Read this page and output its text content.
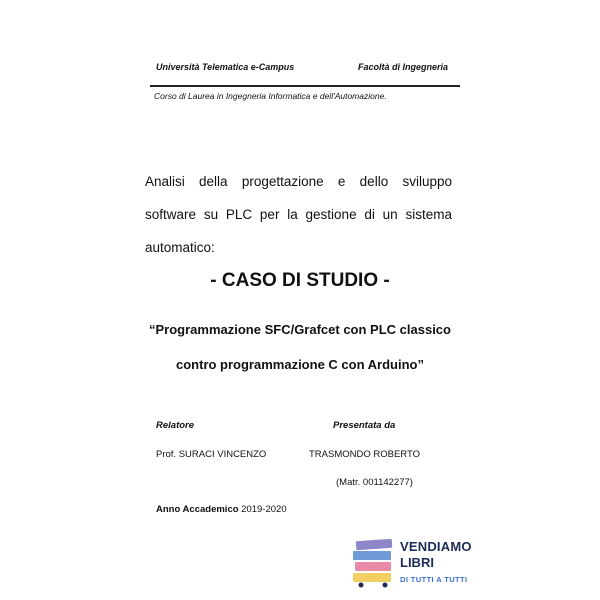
Università Telematica e-Campus	Facoltà di Ingegneria
Corso di Laurea in Ingegneria Informatica e dell'Automazione.
Analisi della progettazione e dello sviluppo software su PLC per la gestione di un sistema automatico:
- CASO DI STUDIO -
“Programmazione SFC/Grafcet con PLC classico
contro programmazione C con Arduino”
Relatore	Presentata da
Prof. SURACI VINCENZO	TRASMONDO ROBERTO
(Matr. 001142277)
Anno Accademico 2019-2020
VENDIAMO
LIBRI
DI TUTTI A TUTTI
